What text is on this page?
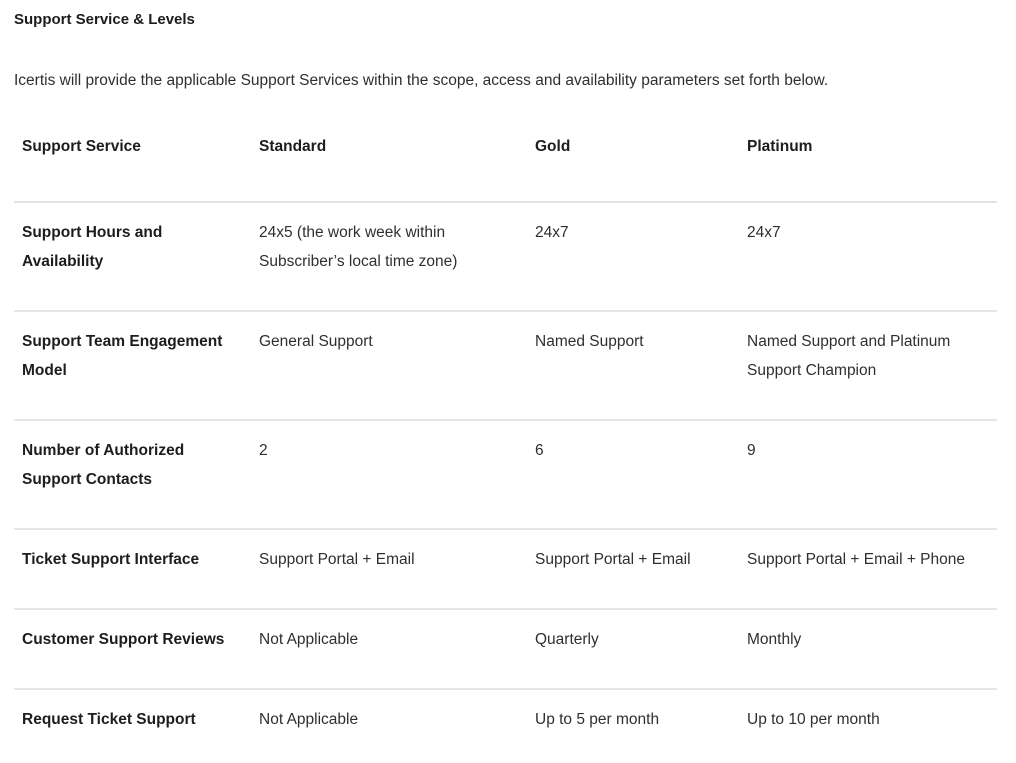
Support Service & Levels

Icertis will provide the applicable Support Services within the scope, access and availability parameters set forth below.

Support Service	Standard	Gold	Platinum
Support Hours and Availability	24x5 (the work week within Subscriber’s local time zone)	24x7	24x7
Support Team Engagement Model	General Support	Named Support	Named Support and Platinum Support Champion
Number of Authorized Support Contacts	2	6	9
Ticket Support Interface	Support Portal + Email	Support Portal + Email	Support Portal + Email + Phone
Customer Support Reviews	Not Applicable	Quarterly	Monthly
Request Ticket Support	Not Applicable	Up to 5 per month	Up to 10 per month
